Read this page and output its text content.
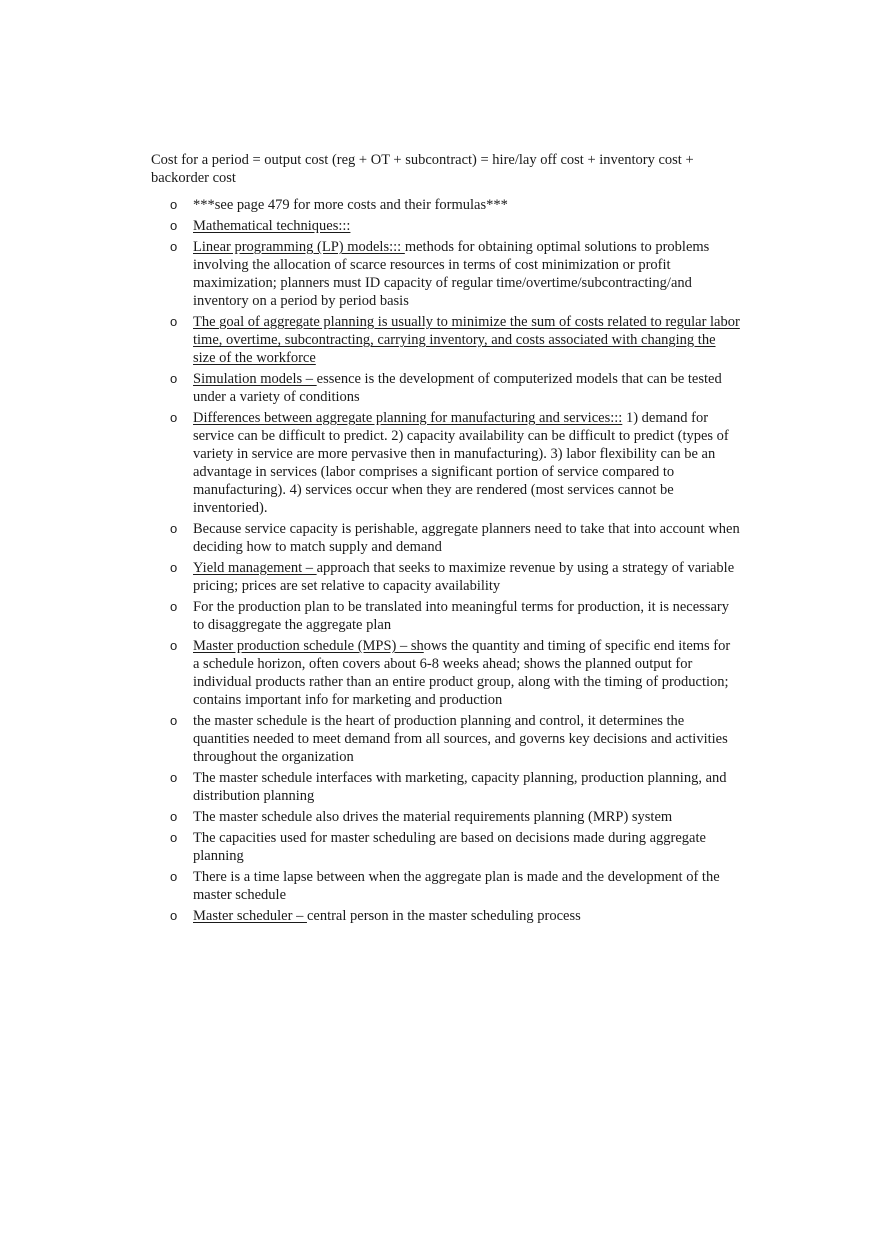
Cost for a period = output cost (reg + OT + subcontract) = hire/lay off cost + inventory cost + backorder cost

o ***see page 479 for more costs and their formulas***
o Mathematical techniques:::
o Linear programming (LP) models::: methods for obtaining optimal solutions to problems involving the allocation of scarce resources in terms of cost minimization or profit maximization; planners must ID capacity of regular time/overtime/subcontracting/and inventory on a period by period basis
o The goal of aggregate planning is usually to minimize the sum of costs related to regular labor time, overtime, subcontracting, carrying inventory, and costs associated with changing the size of the workforce
o Simulation models – essence is the development of computerized models that can be tested under a variety of conditions
o Differences between aggregate planning for manufacturing and services::: 1) demand for service can be difficult to predict. 2) capacity availability can be difficult to predict (types of variety in service are more pervasive then in manufacturing). 3) labor flexibility can be an advantage in services (labor comprises a significant portion of service compared to manufacturing). 4) services occur when they are rendered (most services cannot be inventoried).
o Because service capacity is perishable, aggregate planners need to take that into account when deciding how to match supply and demand
o Yield management – approach that seeks to maximize revenue by using a strategy of variable pricing; prices are set relative to capacity availability
o For the production plan to be translated into meaningful terms for production, it is necessary to disaggregate the aggregate plan
o Master production schedule (MPS) – shows the quantity and timing of specific end items for a schedule horizon, often covers about 6-8 weeks ahead; shows the planned output for individual products rather than an entire product group, along with the timing of production; contains important info for marketing and production
o the master schedule is the heart of production planning and control, it determines the quantities needed to meet demand from all sources, and governs key decisions and activities throughout the organization
o The master schedule interfaces with marketing, capacity planning, production planning, and distribution planning
o The master schedule also drives the material requirements planning (MRP) system
o The capacities used for master scheduling are based on decisions made during aggregate planning
o There is a time lapse between when the aggregate plan is made and the development of the master schedule
o Master scheduler – central person in the master scheduling process
